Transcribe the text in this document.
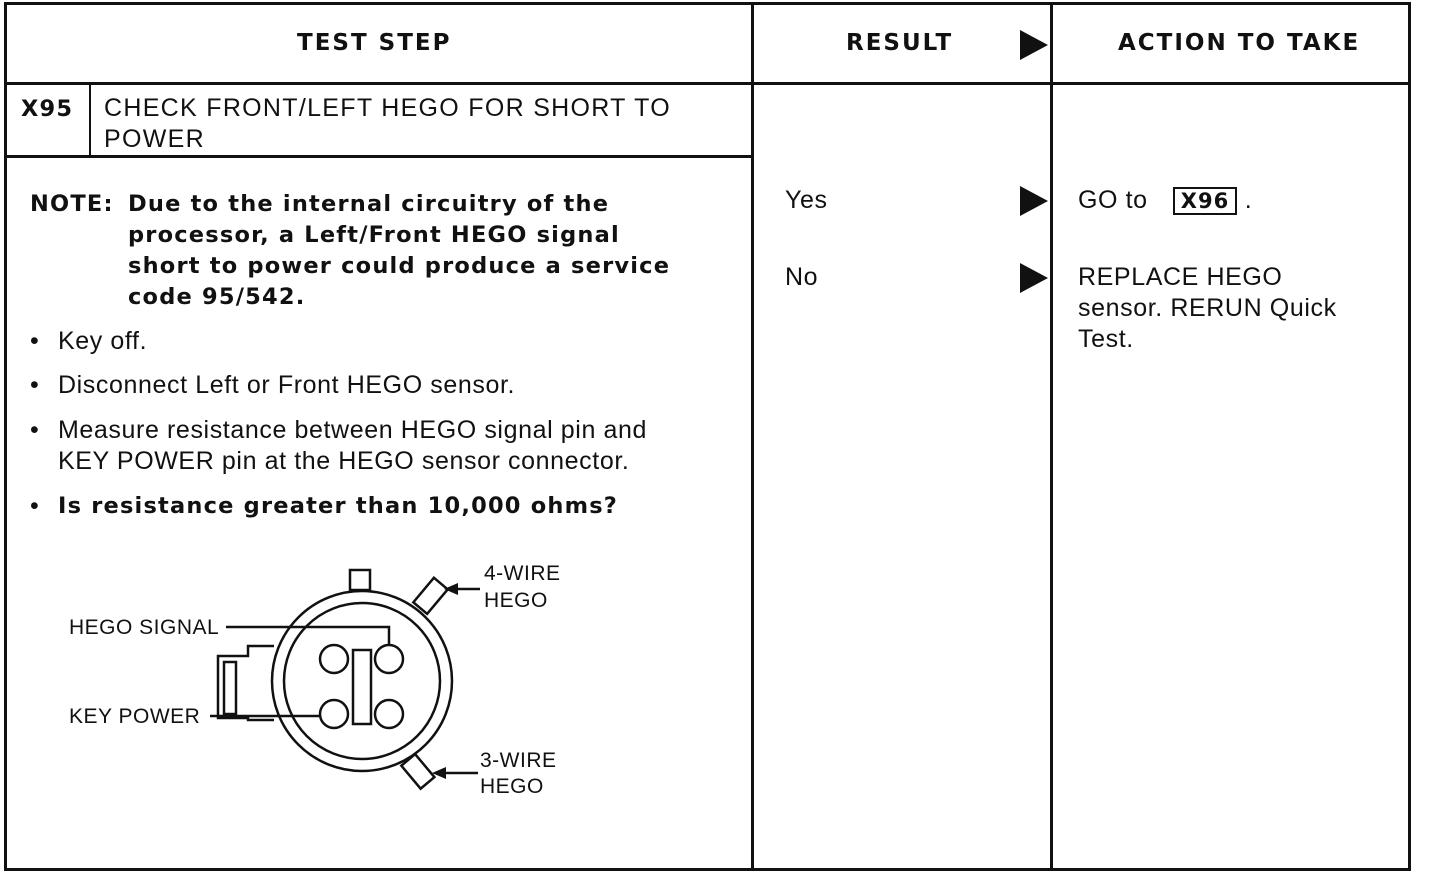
TEST STEP	RESULT	ACTION TO TAKE
X95 CHECK FRONT/LEFT HEGO FOR SHORT TO
POWER
NOTE: Due to the internal circuitry of the
processor, a Left/Front HEGO signal
short to power could produce a service
code 95/542.
• Key off.
• Disconnect Left or Front HEGO sensor.
• Measure resistance between HEGO signal pin and
KEY POWER pin at the HEGO sensor connector.
• Is resistance greater than 10,000 ohms?
HEGO SIGNAL
KEY POWER
4-WIRE
HEGO
3-WIRE
HEGO
Yes
No
GO to X96 .
REPLACE HEGO
sensor. RERUN Quick
Test.
